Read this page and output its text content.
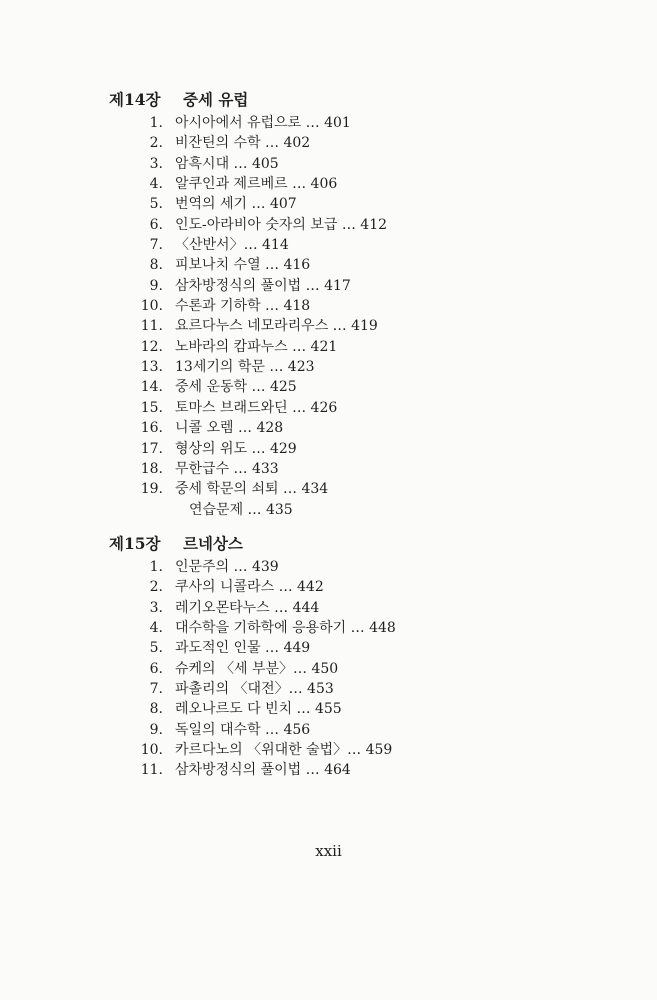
제14장	중세 유럽
1. 아시아에서 유럽으로 … 401
2. 비잔틴의 수학 … 402
3. 암흑시대 … 405
4. 알쿠인과 제르베르 … 406
5. 번역의 세기 … 407
6. 인도-아라비아 숫자의 보급 … 412
7. 〈산반서〉… 414
8. 피보나치 수열 … 416
9. 삼차방정식의 풀이법 … 417
10. 수론과 기하학 … 418
11. 요르다누스 네모라리우스 … 419
12. 노바라의 캄파누스 … 421
13. 13세기의 학문 … 423
14. 중세 운동학 … 425
15. 토마스 브래드와딘 … 426
16. 니콜 오렘 … 428
17. 형상의 위도 … 429
18. 무한급수 … 433
19. 중세 학문의 쇠퇴 … 434
연습문제 … 435
제15장	르네상스
1. 인문주의 … 439
2. 쿠사의 니콜라스 … 442
3. 레기오몬타누스 … 444
4. 대수학을 기하학에 응용하기 … 448
5. 과도적인 인물 … 449
6. 슈케의 〈세 부분〉… 450
7. 파촐리의 〈대전〉… 453
8. 레오나르도 다 빈치 … 455
9. 독일의 대수학 … 456
10. 카르다노의 〈위대한 술법〉… 459
11. 삼차방정식의 풀이법 … 464
xxii
